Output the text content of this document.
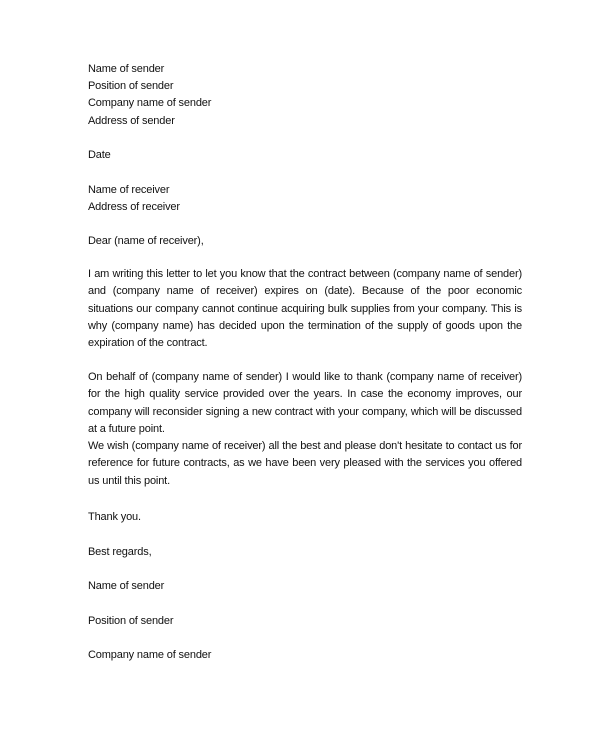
Name of sender
Position of sender
Company name of sender
Address of sender
Date
Name of receiver
Address of receiver
Dear (name of receiver),
I am writing this letter to let you know that the contract between (company name of sender) and (company name of receiver) expires on (date). Because of the poor economic situations our company cannot continue acquiring bulk supplies from your company. This is why (company name) has decided upon the termination of the supply of goods upon the expiration of the contract.
On behalf of (company name of sender) I would like to thank (company name of receiver) for the high quality service provided over the years. In case the economy improves, our company will reconsider signing a new contract with your company, which will be discussed at a future point.
We wish (company name of receiver) all the best and please don't hesitate to contact us for reference for future contracts, as we have been very pleased with the services you offered us until this point.
Thank you.
Best regards,
Name of sender
Position of sender
Company name of sender
